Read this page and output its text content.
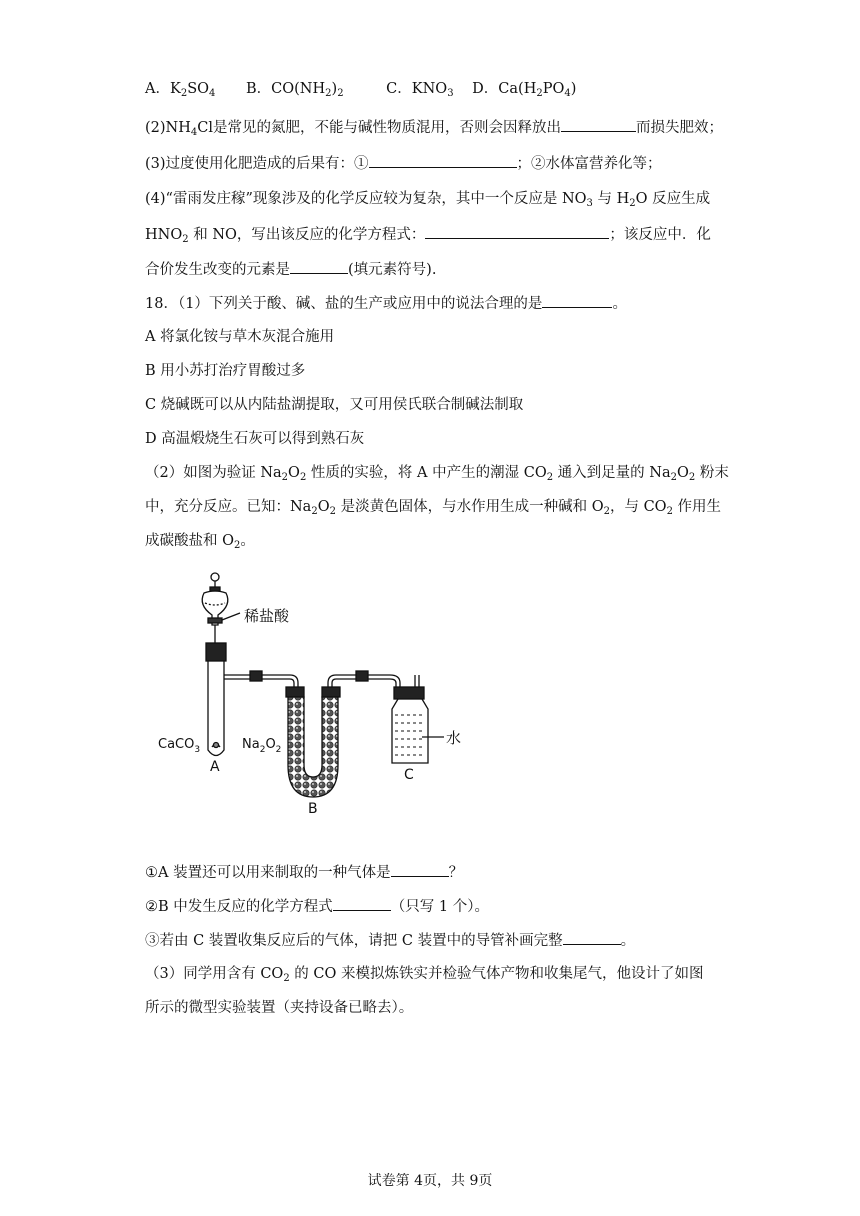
A．$K_2SO_4$ B．$CO(NH_2)_2$	C．$KNO_3$ D．$Ca(H_2PO_4)$
$(2)NH_4Cl$是常见的氮肥，不能与碱性物质混用，否则会因释放出	而损失肥效；
(3)过度使用化肥造成的后果有：①	；②水体富营养化等；
(4)“雷雨发庄稼”现象涉及的化学反应较为复杂，其中一个反应是 $NO_3$ 与 $H_2O$ 反应生成
$HNO_2$ 和 NO，写出该反应的化学方程式：	；该反应中．化
合价发生改变的元素是	(填元素符号).
18．（1）下列关于酸、碱、盐的生产或应用中的说法合理的是	。
A 将氯化铵与草木灰混合施用
B 用小苏打治疗胃酸过多
C 烧碱既可以从内陆盐湖提取，又可用侯氏联合制碱法制取
D 高温煅烧生石灰可以得到熟石灰
（2）如图为验证 $Na_2O_2$ 性质的实验，将 A 中产生的潮湿 $CO_2$ 通入到足量的 $Na_2O_2$ 粉末
中，充分反应。已知：$Na_2O_2$ 是淡黄色固体，与水作用生成一种碱和 $O_2$，与 $CO_2$ 作用生
成碳酸盐和 $O_2$。
稀盐酸
CaCO$_3$
A
$Na_2O_2$
B
水
C
①A 装置还可以用来制取的一种气体是	？
②B 中发生反应的化学方程式	（只写 1 个）。
③若由 C 装置收集反应后的气体，请把 C 装置中的导管补画完整	。
（3）同学用含有 $CO_2$ 的 CO 来模拟炼铁实并检验气体产物和收集尾气，他设计了如图
所示的微型实验装置（夹持设备已略去）。
试卷第 4页，共 9页
